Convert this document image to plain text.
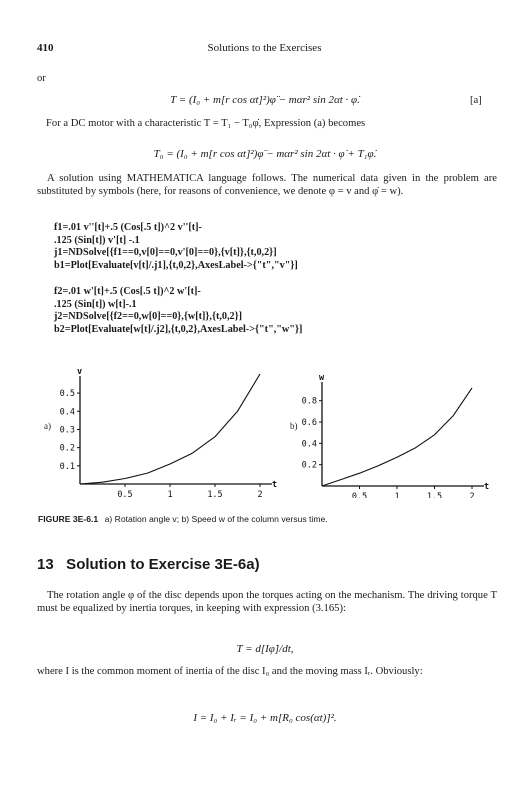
410	Solutions to the Exercises
or
T = (I₀ + m[r cos αt]²)φ̈ − mαr² sin 2αt · φ̇.	[a]
For a DC motor with a characteristic T = T₁ − T₀φ̇, Expression (a) becomes
T₀ = (I₀ + m[r cos αt]²)φ̈ − mαr² sin 2αt · φ̇ + T₁φ̇.
A solution using MATHEMATICA language follows. The numerical data given in the problem are substituted by symbols (here, for reasons of convenience, we denote φ = v and φ̇ = w).
f1=.01 v''[t]+.5 (Cos[.5 t])^2 v''[t]-
.125 (Sin[t]) v'[t] -.1
j1=NDSolve[{f1==0,v[0]==0,v'[0]==0},{v[t]},{t,0,2}]
b1=Plot[Evaluate[v[t]/.j1],{t,0,2},AxesLabel->{"t","v"}]
f2=.01 w'[t]+.5 (Cos[.5 t])^2 w'[t]-
.125 (Sin[t]) w[t]-.1
j2=NDSolve[{f2==0,w[0]==0},{w[t]},{t,0,2}]
b2=Plot[Evaluate[w[t]/.j2],{t,0,2},AxesLabel->{"t","w"}]
a)	b)
v
t
0.5	1	1.5	2
0.1
0.2
0.3
0.4
0.5
w
t
0.5	1	1.5	2
0.2
0.4
0.6
0.8
FIGURE 3E-6.1 a) Rotation angle v; b) Speed w of the column versus time.
13   Solution to Exercise 3E-6a)
The rotation angle φ of the disc depends upon the torques acting on the mechanism. The driving torque T must be equalized by inertia torques, in keeping with expression (3.165):
T = d[Iφ̇]/dt,
where I is the common moment of inertia of the disc I₀ and the moving mass Iᵣ. Obviously:
I = I₀ + Iᵣ = I₀ + m[R₀ cos(αt)]².
